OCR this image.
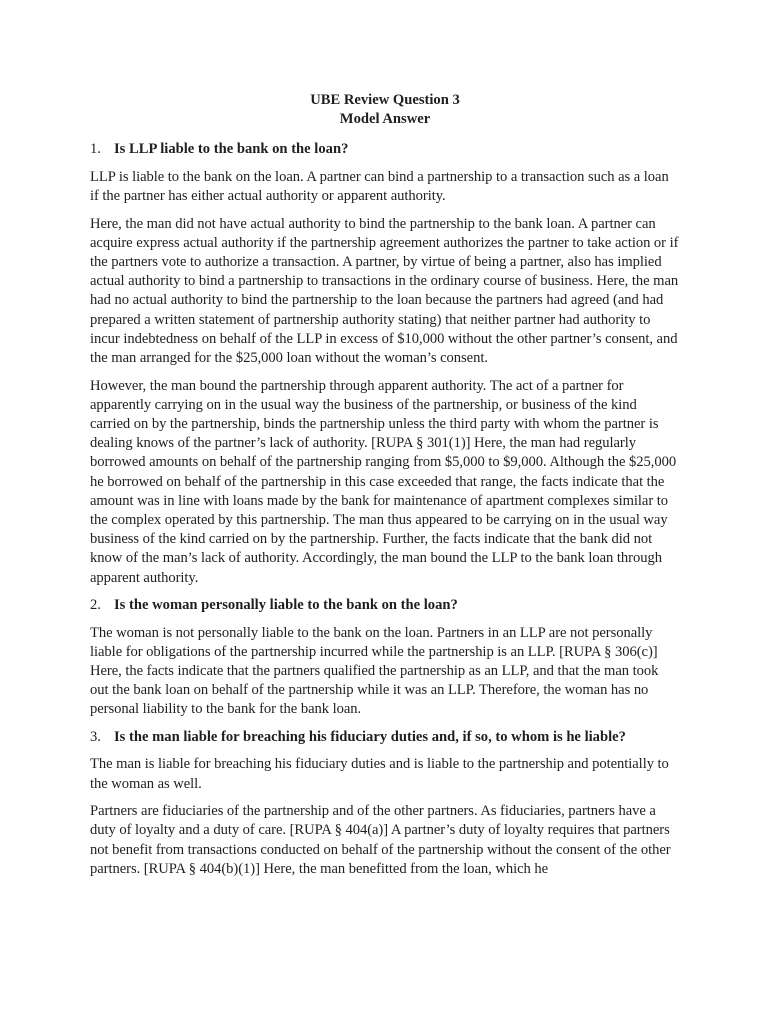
UBE Review Question 3
Model Answer
1. Is LLP liable to the bank on the loan?

LLP is liable to the bank on the loan. A partner can bind a partnership to a transaction such as a loan if the partner has either actual authority or apparent authority.

Here, the man did not have actual authority to bind the partnership to the bank loan. A partner can acquire express actual authority if the partnership agreement authorizes the partner to take action or if the partners vote to authorize a transaction. A partner, by virtue of being a partner, also has implied actual authority to bind a partnership to transactions in the ordinary course of business. Here, the man had no actual authority to bind the partnership to the loan because the partners had agreed (and had prepared a written statement of partnership authority stating) that neither partner had authority to incur indebtedness on behalf of the LLP in excess of $10,000 without the other partner’s consent, and the man arranged for the $25,000 loan without the woman’s consent.

However, the man bound the partnership through apparent authority. The act of a partner for apparently carrying on in the usual way the business of the partnership, or business of the kind carried on by the partnership, binds the partnership unless the third party with whom the partner is dealing knows of the partner’s lack of authority. [RUPA § 301(1)] Here, the man had regularly borrowed amounts on behalf of the partnership ranging from $5,000 to $9,000. Although the $25,000 he borrowed on behalf of the partnership in this case exceeded that range, the facts indicate that the amount was in line with loans made by the bank for maintenance of apartment complexes similar to the complex operated by this partnership. The man thus appeared to be carrying on in the usual way business of the kind carried on by the partnership. Further, the facts indicate that the bank did not know of the man’s lack of authority. Accordingly, the man bound the LLP to the bank loan through apparent authority.

2. Is the woman personally liable to the bank on the loan?

The woman is not personally liable to the bank on the loan. Partners in an LLP are not personally liable for obligations of the partnership incurred while the partnership is an LLP. [RUPA § 306(c)] Here, the facts indicate that the partners qualified the partnership as an LLP, and that the man took out the bank loan on behalf of the partnership while it was an LLP. Therefore, the woman has no personal liability to the bank for the bank loan.

3. Is the man liable for breaching his fiduciary duties and, if so, to whom is he liable?

The man is liable for breaching his fiduciary duties and is liable to the partnership and potentially to the woman as well.

Partners are fiduciaries of the partnership and of the other partners. As fiduciaries, partners have a duty of loyalty and a duty of care. [RUPA § 404(a)] A partner’s duty of loyalty requires that partners not benefit from transactions conducted on behalf of the partnership without the consent of the other partners. [RUPA § 404(b)(1)] Here, the man benefitted from the loan, which he
